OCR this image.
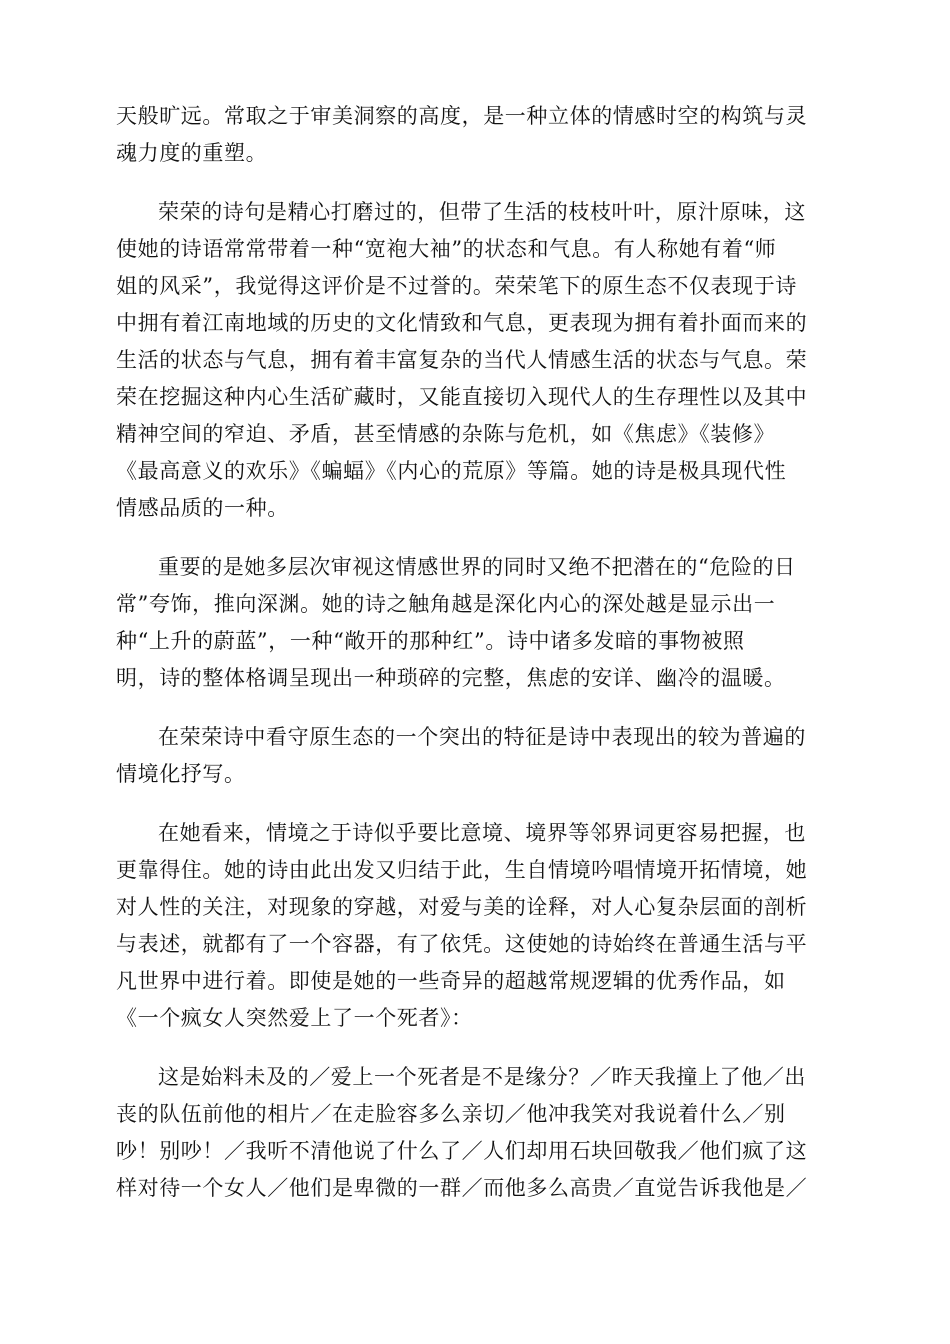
天般旷远。常取之于审美洞察的高度，是一种立体的情感时空的构筑与灵
魂力度的重塑。

荣荣的诗句是精心打磨过的，但带了生活的枝枝叶叶，原汁原味，这
使她的诗语常常带着一种“宽袍大袖”的状态和气息。有人称她有着“师
姐的风采”，我觉得这评价是不过誉的。荣荣笔下的原生态不仅表现于诗
中拥有着江南地域的历史的文化情致和气息，更表现为拥有着扑面而来的
生活的状态与气息，拥有着丰富复杂的当代人情感生活的状态与气息。荣
荣在挖掘这种内心生活矿藏时，又能直接切入现代人的生存理性以及其中
精神空间的窄迫、矛盾，甚至情感的杂陈与危机，如《焦虑》《装修》
《最高意义的欢乐》《蝙蝠》《内心的荒原》等篇。她的诗是极具现代性
情感品质的一种。

重要的是她多层次审视这情感世界的同时又绝不把潜在的“危险的日
常”夸饰，推向深渊。她的诗之触角越是深化内心的深处越是显示出一
种“上升的蔚蓝”，一种“敞开的那种红”。诗中诸多发暗的事物被照
明，诗的整体格调呈现出一种琐碎的完整，焦虑的安详、幽冷的温暖。

在荣荣诗中看守原生态的一个突出的特征是诗中表现出的较为普遍的
情境化抒写。

在她看来，情境之于诗似乎要比意境、境界等邻界词更容易把握，也
更靠得住。她的诗由此出发又归结于此，生自情境吟唱情境开拓情境，她
对人性的关注，对现象的穿越，对爱与美的诠释，对人心复杂层面的剖析
与表述，就都有了一个容器，有了依凭。这使她的诗始终在普通生活与平
凡世界中进行着。即使是她的一些奇异的超越常规逻辑的优秀作品，如
《一个疯女人突然爱上了一个死者》：

这是始料未及的／爱上一个死者是不是缘分？／昨天我撞上了他／出
丧的队伍前他的相片／在走脸容多么亲切／他冲我笑对我说着什么／别
吵！别吵！／我听不清他说了什么了／人们却用石块回敬我／他们疯了这
样对待一个女人／他们是卑微的一群／而他多么高贵／直觉告诉我他是／
